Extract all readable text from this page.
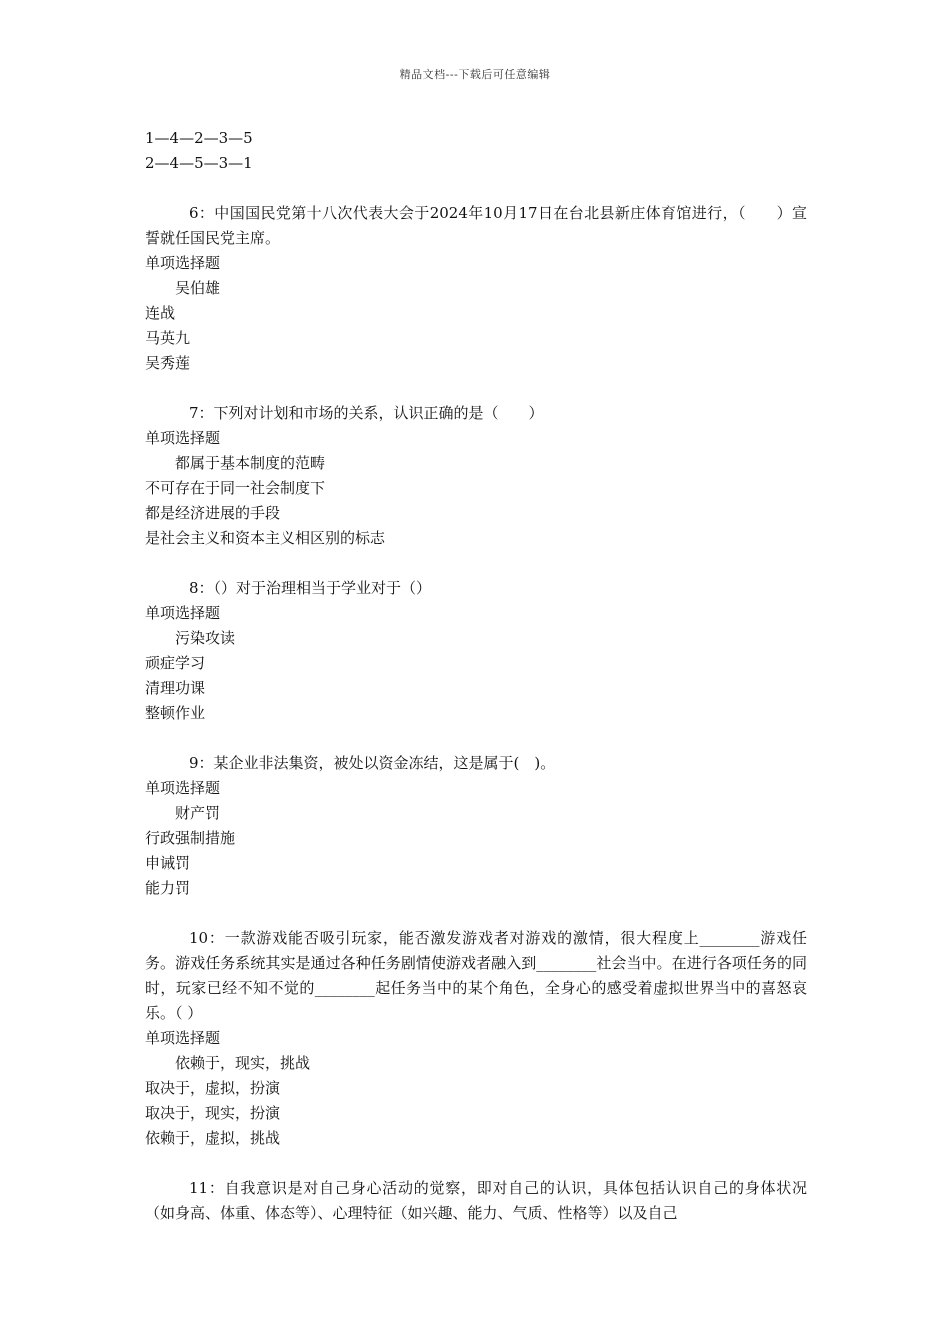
精品文档---下载后可任意编辑
1—4—2—3—5
2—4—5—3—1
6：中国国民党第十八次代表大会于2024年10月17日在台北县新庄体育馆进行，（　　）宣誓就任国民党主席。
单项选择题
吴伯雄
连战
马英九
吴秀莲
7：下列对计划和市场的关系，认识正确的是（　　）
单项选择题
都属于基本制度的范畴
不可存在于同一社会制度下
都是经济进展的手段
是社会主义和资本主义相区别的标志
8：（）对于治理相当于学业对于（）
单项选择题
污染攻读
顽症学习
清理功课
整顿作业
9：某企业非法集资，被处以资金冻结，这是属于(　)。
单项选择题
财产罚
行政强制措施
申诫罚
能力罚
10：一款游戏能否吸引玩家，能否激发游戏者对游戏的激情，很大程度上________游戏任务。游戏任务系统其实是通过各种任务剧情使游戏者融入到________社会当中。在进行各项任务的同时，玩家已经不知不觉的________起任务当中的某个角色，全身心的感受着虚拟世界当中的喜怒哀乐。（ ）
单项选择题
依赖于，现实，挑战
取决于，虚拟，扮演
取决于，现实，扮演
依赖于，虚拟，挑战
11：自我意识是对自己身心活动的觉察，即对自己的认识，具体包括认识自己的身体状况（如身高、体重、体态等）、心理特征（如兴趣、能力、气质、性格等）以及自己
